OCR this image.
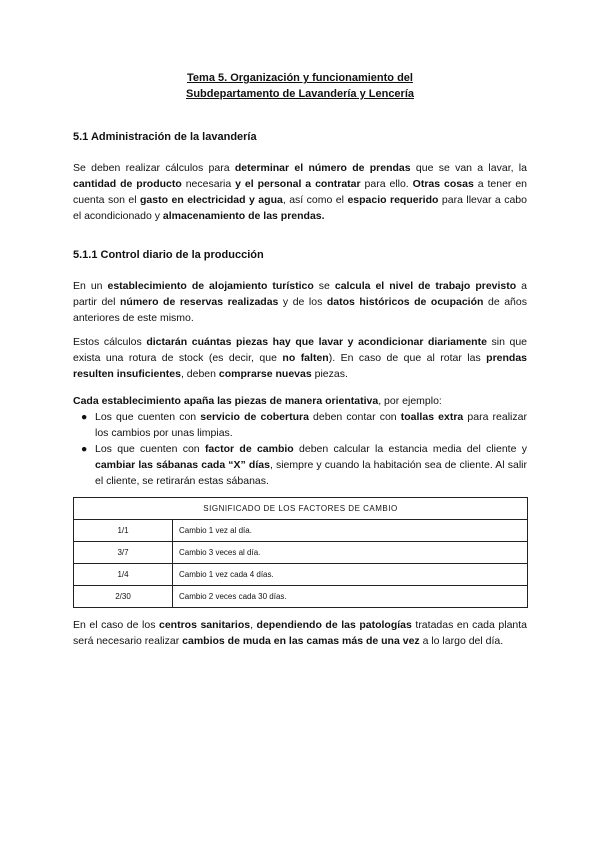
Tema 5. Organización y funcionamiento del
Subdepartamento de Lavandería y Lencería
5.1 Administración de la lavandería

Se deben realizar cálculos para determinar el número de prendas que se van a lavar, la cantidad de producto necesaria y el personal a contratar para ello. Otras cosas a tener en cuenta son el gasto en electricidad y agua, así como el espacio requerido para llevar a cabo el acondicionado y almacenamiento de las prendas.

5.1.1 Control diario de la producción

En un establecimiento de alojamiento turístico se calcula el nivel de trabajo previsto a partir del número de reservas realizadas y de los datos históricos de ocupación de años anteriores de este mismo.

Estos cálculos dictarán cuántas piezas hay que lavar y acondicionar diariamente sin que exista una rotura de stock (es decir, que no falten). En caso de que al rotar las prendas resulten insuficientes, deben comprarse nuevas piezas.

Cada establecimiento apaña las piezas de manera orientativa, por ejemplo:

● Los que cuenten con servicio de cobertura deben contar con toallas extra para realizar los cambios por unas limpias.
● Los que cuenten con factor de cambio deben calcular la estancia media del cliente y cambiar las sábanas cada “X” días, siempre y cuando la habitación sea de cliente. Al salir el cliente, se retirarán estas sábanas.
SIGNIFICADO DE LOS FACTORES DE CAMBIO	
1/1	Cambio 1 vez al día.
3/7	Cambio 3 veces al día.
1/4	Cambio 1 vez cada 4 días.
2/30	Cambio 2 veces cada 30 días.

En el caso de los centros sanitarios, dependiendo de las patologías tratadas en cada planta será necesario realizar cambios de muda en las camas más de una vez a lo largo del día.
